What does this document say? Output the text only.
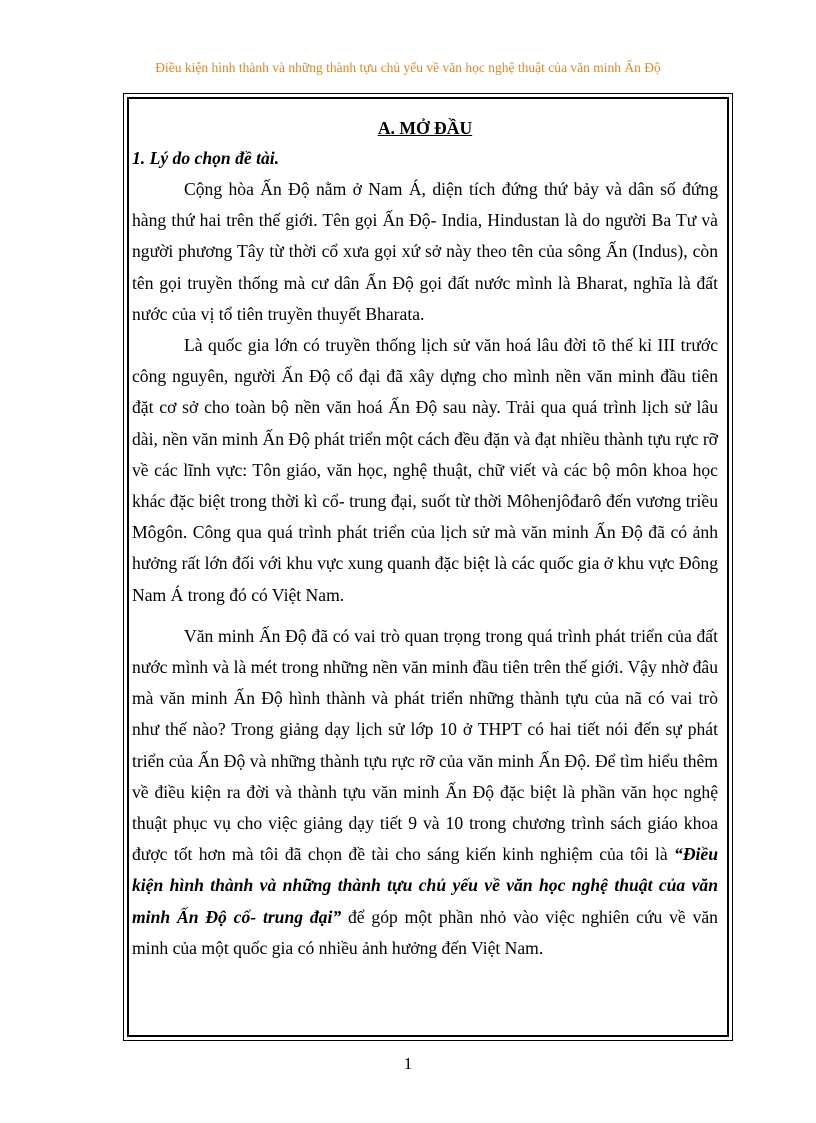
Điều kiện hình thành và những thành tựu chủ yếu về văn học nghệ thuật của văn minh Ấn Độ
A. MỞ ĐẦU
1. Lý do chọn đề tài.

Cộng hòa Ấn Độ nằm ở Nam Á, diện tích đứng thứ bảy và dân số đứng hàng thứ hai trên thế giới. Tên gọi Ấn Độ- India, Hindustan là do người Ba Tư và người phương Tây từ thời cổ xưa gọi xứ sở này theo tên của sông Ấn (Indus), còn tên gọi truyền thống mà cư dân Ấn Độ gọi đất nước mình là Bharat, nghĩa là đất nước của vị tổ tiên truyền thuyết Bharata.

Là quốc gia lớn có truyền thống lịch sử văn hoá lâu đời tõ thế kỉ III trước công nguyên, người Ấn Độ cổ đại đã xây dựng cho mình nền văn minh đầu tiên đặt cơ sở cho toàn bộ nền văn hoá Ấn Độ sau này. Trải qua quá trình lịch sử lâu dài, nền văn minh Ấn Độ phát triển một cách đều đặn và đạt nhiều thành tựu rực rỡ về các lĩnh vực: Tôn giáo, văn học, nghệ thuật, chữ viết và các bộ môn khoa học khác đặc biệt trong thời kì cổ- trung đại, suốt từ thời Môhenjôđarô đến vương triều Môgôn. Công qua quá trình phát triển của lịch sử mà văn minh Ấn Độ đã có ảnh hưởng rất lớn đối với khu vực xung quanh đặc biệt là các quốc gia ở khu vực Đông Nam Á trong đó có Việt Nam.

Văn minh Ấn Độ đã có vai trò quan trọng trong quá trình phát triển của đất nước mình và là mét trong những nền văn minh đầu tiên trên thế giới. Vậy nhờ đâu mà văn minh Ấn Độ hình thành và phát triển những thành tựu của nã có vai trò như thế nào? Trong giảng dạy lịch sử lớp 10 ở THPT có hai tiết nói đến sự phát triển của Ấn Độ và những thành tựu rực rỡ của văn minh Ấn Độ. Để tìm hiểu thêm về điều kiện ra đời và thành tựu văn minh Ấn Độ đặc biệt là phần văn học nghệ thuật phục vụ cho việc giảng dạy tiết 9 và 10 trong chương trình sách giáo khoa được tốt hơn mà tôi đã chọn đề tài cho sáng kiến kinh nghiệm của tôi là “Điều kiện hình thành và những thành tựu chủ yếu về văn học nghệ thuật của văn minh Ấn Độ cổ- trung đại” để góp một phần nhỏ vào việc nghiên cứu về văn minh của một quốc gia có nhiều ảnh hưởng đến Việt Nam.

1
